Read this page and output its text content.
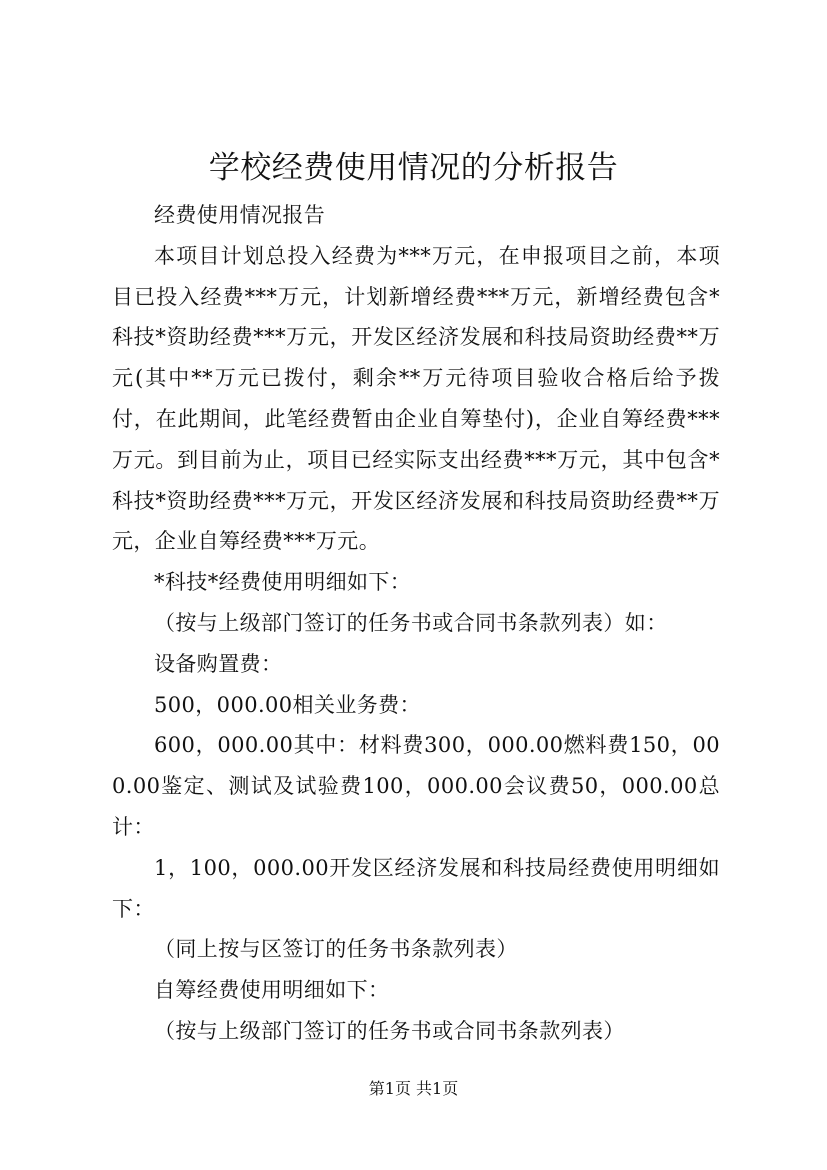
学校经费使用情况的分析报告

经费使用情况报告

本项目计划总投入经费为***万元，在申报项目之前，本项目已投入经费***万元，计划新增经费***万元，新增经费包含*科技*资助经费***万元，开发区经济发展和科技局资助经费**万元(其中**万元已拨付，剩余**万元待项目验收合格后给予拨付，在此期间，此笔经费暂由企业自筹垫付)，企业自筹经费***万元。到目前为止，项目已经实际支出经费***万元，其中包含*科技*资助经费***万元，开发区经济发展和科技局资助经费**万元，企业自筹经费***万元。

*科技*经费使用明细如下：

（按与上级部门签订的任务书或合同书条款列表）如：

设备购置费：

500，000.00相关业务费：

600，000.00其中：材料费300，000.00燃料费150，000.00鉴定、测试及试验费100，000.00会议费50，000.00总计：

1，100，000.00开发区经济发展和科技局经费使用明细如下：

（同上按与区签订的任务书条款列表）

自筹经费使用明细如下：

（按与上级部门签订的任务书或合同书条款列表）

第1页 共1页
